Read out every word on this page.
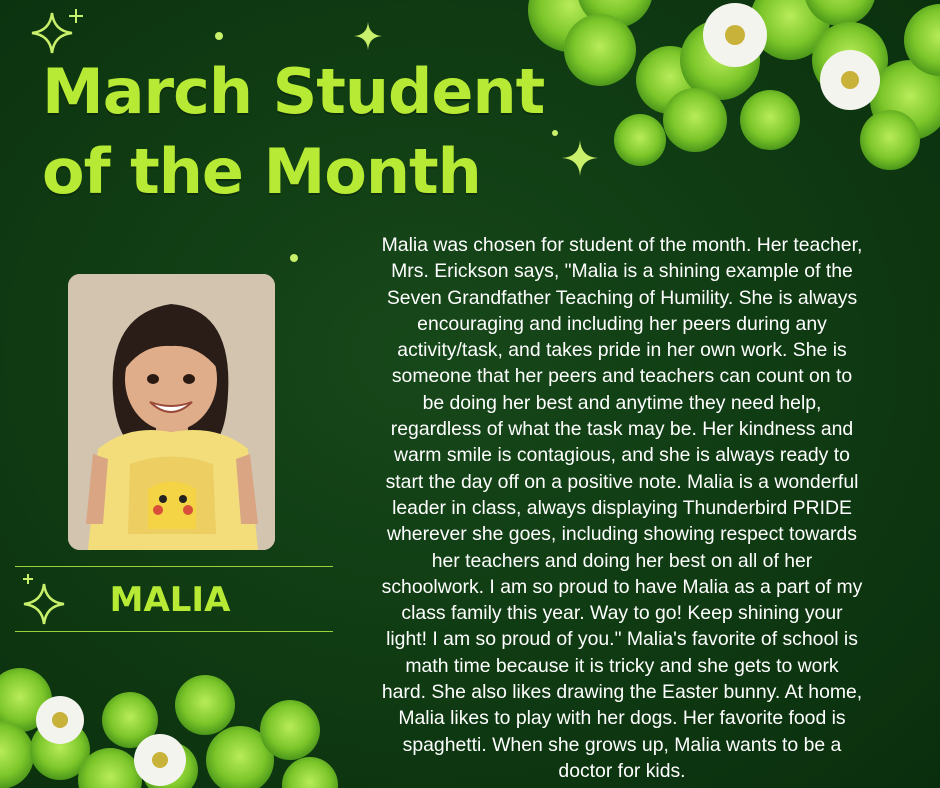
March Student
of the Month
MALIA
Malia was chosen for student of the month. Her teacher,
Mrs. Erickson says, "Malia is a shining example of the
Seven Grandfather Teaching of Humility. She is always
encouraging and including her peers during any
activity/task, and takes pride in her own work. She is
someone that her peers and teachers can count on to
be doing her best and anytime they need help,
regardless of what the task may be. Her kindness and
warm smile is contagious, and she is always ready to
start the day off on a positive note. Malia is a wonderful
leader in class, always displaying Thunderbird PRIDE
wherever she goes, including showing respect towards
her teachers and doing her best on all of her
schoolwork. I am so proud to have Malia as a part of my
class family this year. Way to go! Keep shining your
light! I am so proud of you." Malia's favorite of school is
math time because it is tricky and she gets to work
hard. She also likes drawing the Easter bunny. At home,
Malia likes to play with her dogs. Her favorite food is
spaghetti. When she grows up, Malia wants to be a
doctor for kids.
